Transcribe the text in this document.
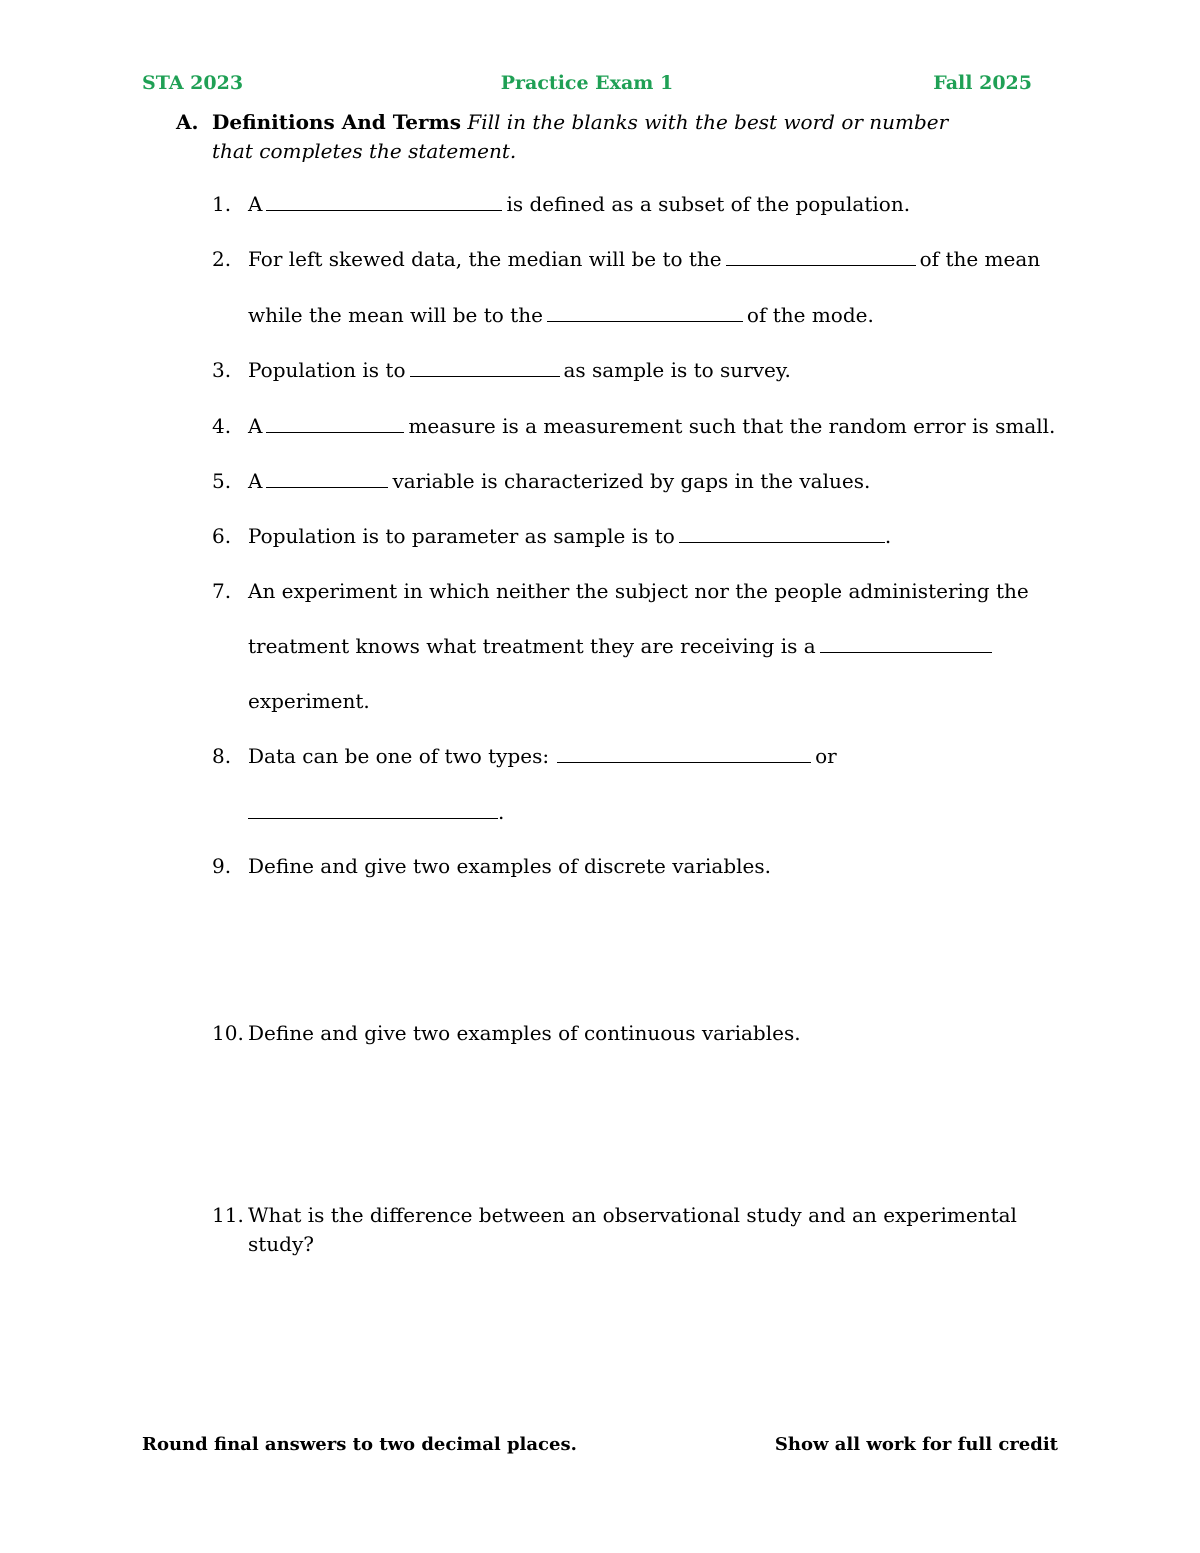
STA 2023	Practice Exam 1	Fall 2025
A. Definitions And Terms Fill in the blanks with the best word or number that completes the statement.
1. A	is defined as a subset of the population.
2. For left skewed data, the median will be to the	of the mean
while the mean will be to the	of the mode.
3. Population is to	as sample is to survey.
4. A	measure is a measurement such that the random error is small.
5. A	variable is characterized by gaps in the values.
6. Population is to parameter as sample is to	.
7. An experiment in which neither the subject nor the people administering the
treatment knows what treatment they are receiving is a
experiment.
8. Data can be one of two types:	or
.
9. Define and give two examples of discrete variables.
10. Define and give two examples of continuous variables.
11. What is the difference between an observational study and an experimental study?
Round final answers to two decimal places.	Show all work for full credit
